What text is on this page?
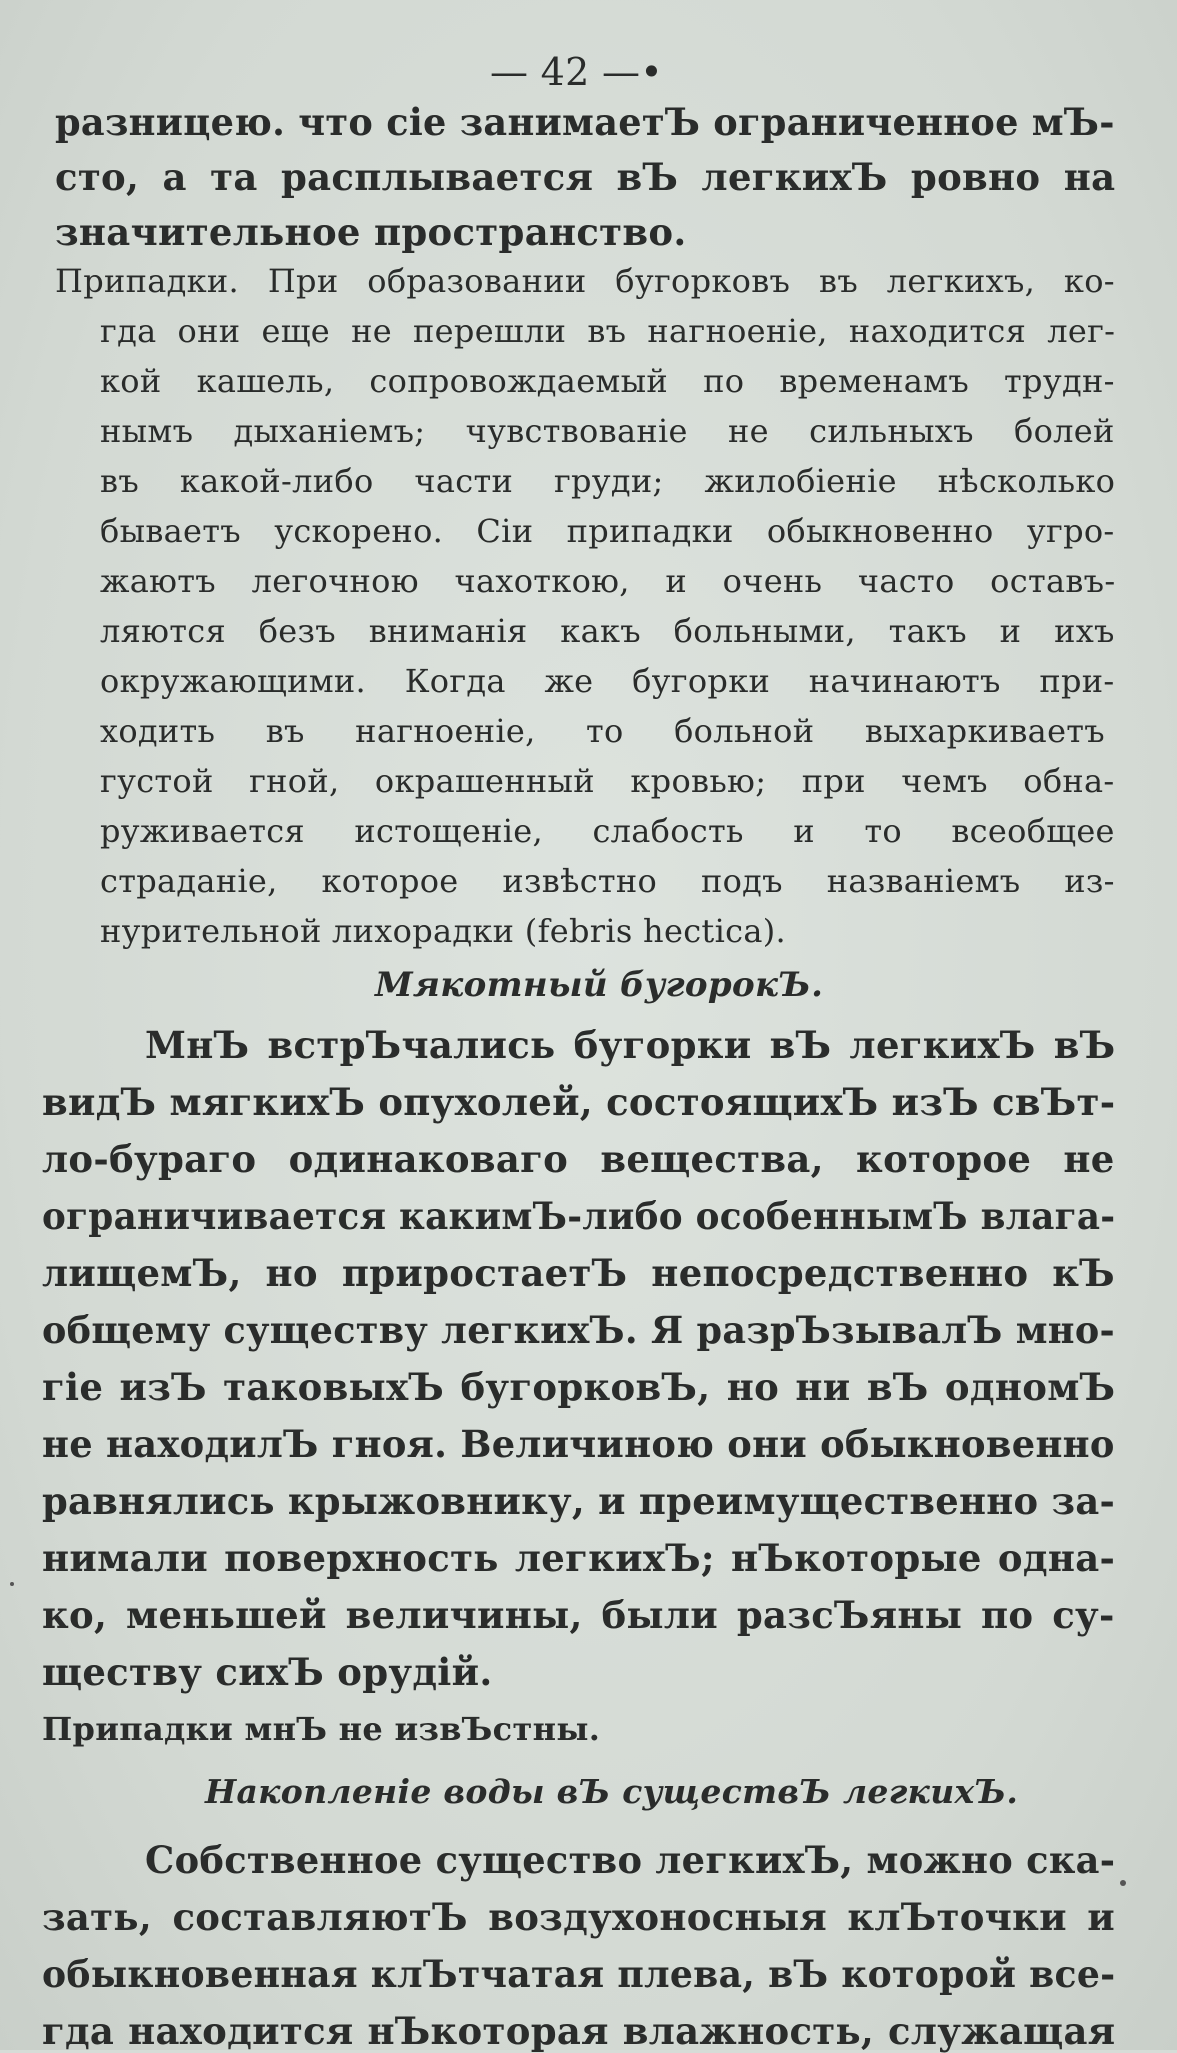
— 42 —•
разницею. что сіе занимаетЪ ограниченное мЪ-
сто, а та расплывается вЪ легкихЪ ровно на
значительное пространство.
Припадки. При образовании бугорковъ въ легкихъ, ко-
гда они еще не перешли въ нагноеніе, находится лег-
кой кашель, сопровождаемый по временамъ трудн-
нымъ дыханіемъ; чувствованіе не сильныхъ болей
въ какой-либо части груди; жилобіеніе нѣсколько
бываетъ ускорено. Сіи припадки обыкновенно угро-
жаютъ легочною чахоткою, и очень часто оставъ-
ляются безъ вниманія какъ больными, такъ и ихъ
окружающими. Когда же бугорки начинаютъ при-
ходить въ нагноеніе, то больной выхаркиваетъ
густой гной, окрашенный кровью; при чемъ обна-
руживается истощеніе, слабость и то всеобщее
страданіе, которое извѣстно подъ названіемъ из-
нурительной лихорадки (febris hectica).
Мякотный бугорокЪ.
МнЪ встрЪчались бугорки вЪ легкихЪ вЪ
видЪ мягкихЪ опухолей, состоящихЪ изЪ свЪт-
ло-бураго одинаковаго вещества, которое не
ограничивается какимЪ-либо особеннымЪ влага-
лищемЪ, но приростаетЪ непосредственно кЪ
общему существу легкихЪ. Я разрЪзывалЪ мно-
гіе изЪ таковыхЪ бугорковЪ, но ни вЪ одномЪ
не находилЪ гноя. Величиною они обыкновенно
равнялись крыжовнику, и преимущественно за-
нимали поверхность легкихЪ; нЪкоторые одна-
ко, меньшей величины, были разсЪяны по су-
ществу сихЪ орудій.
Припадки мнЪ не извЪстны.
Накопленіе воды вЪ существЪ легкихЪ.
Собственное существо легкихЪ, можно ска-
зать, составляютЪ воздухоносныя клЪточки и
обыкновенная клЪтчатая плева, вЪ которой все-
гда находится нЪкоторая влажность, служащая
